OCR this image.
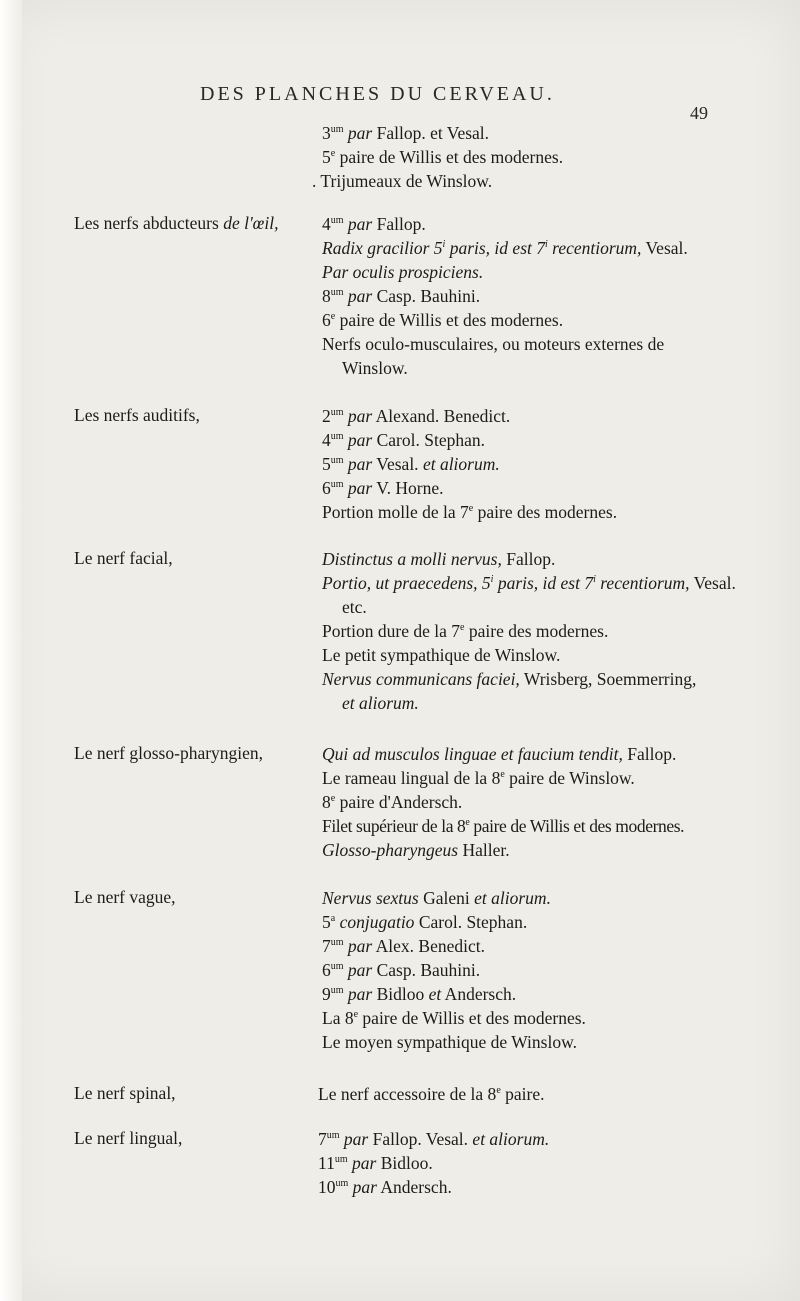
DES PLANCHES DU CERVEAU.
49
$3^{um}$ par Fallop. et Vesal.
5e paire de Willis et des modernes.
. Trijumeaux de Winslow.
Les nerfs abducteurs de l'œil, $4^{um}$ par Fallop.
Radix gracilior 5$^i$ paris, id est 7$^i$ recentiorum, Vesal.
Par oculis prospiciens.
$8^{um}$ par Casp. Bauhini.
6e paire de Willis et des modernes.
Nerfs oculo-musculaires, ou moteurs externes de
Winslow.
Les nerfs auditifs,	$2^{um}$ par Alexand. Benedict.
$4^{um}$ par Carol. Stephan.
$5^{um}$ par Vesal. et aliorum.
$6^{um}$ par V. Horne.
Portion molle de la 7e paire des modernes.
Le nerf facial,	Distinctus a molli nervus, Fallop.
Portio, ut praecedens, 5$^i$ paris, id est 7$^i$ recentiorum, Vesal.
etc.
Portion dure de la 7e paire des modernes.
Le petit sympathique de Winslow.
Nervus communicans faciei, Wrisberg, Soemmerring,
et aliorum.
Le nerf glosso-pharyngien,	Qui ad musculos linguae et faucium tendit, Fallop.
Le rameau lingual de la 8e paire de Winslow.
8e paire d'Andersch.
Filet supérieur de la 8e paire de Willis et des modernes.
Glosso-pharyngeus Haller.
Le nerf vague,	Nervus sextus Galeni et aliorum.
5$^a$ conjugatio Carol. Stephan.
$7^{um}$ par Alex. Benedict.
$6^{um}$ par Casp. Bauhini.
$9^{um}$ par Bidloo et Andersch.
La 8e paire de Willis et des modernes.
Le moyen sympathique de Winslow.
Le nerf spinal,	Le nerf accessoire de la 8e paire.
Le nerf lingual,	$7^{um}$ par Fallop. Vesal. et aliorum.
$11^{um}$ par Bidloo.
$10^{um}$ par Andersch.
